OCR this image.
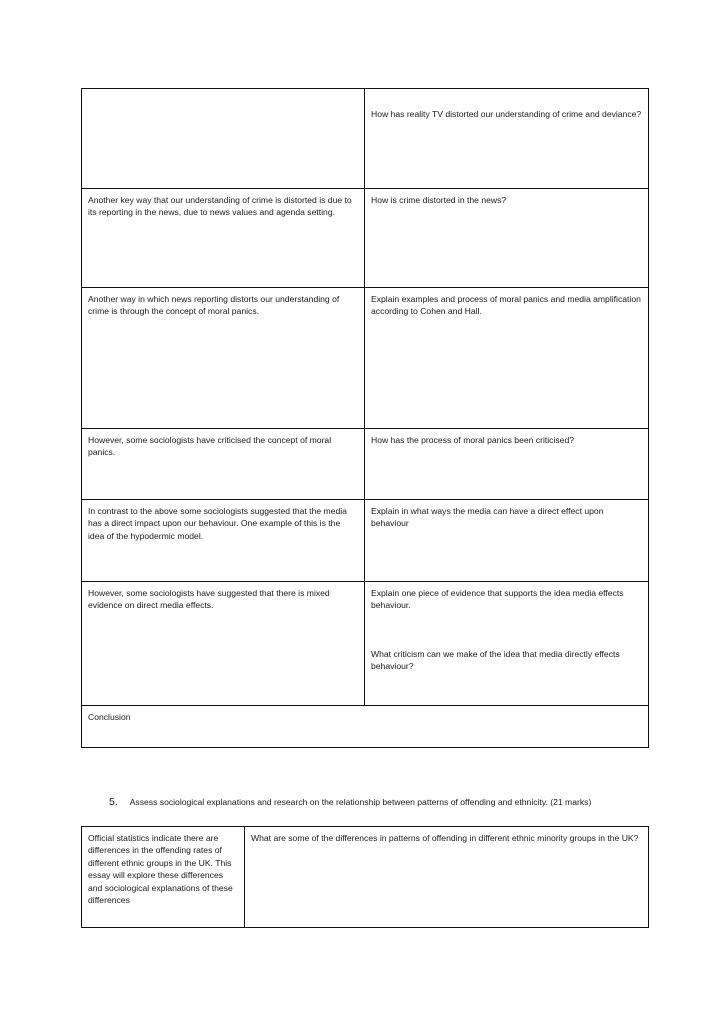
	How has reality TV distorted our understanding of crime and deviance?
Another key way that our understanding of crime is distorted is due to its reporting in the news, due to news values and agenda setting.	How is crime distorted in the news?
Another way in which news reporting distorts our understanding of crime is through the concept of moral panics.	Explain examples and process of moral panics and media amplification according to Cohen and Hall.
However, some sociologists have criticised the concept of moral panics.	How has the process of moral panics been criticised?
In contrast to the above some sociologists suggested that the media has a direct impact upon our behaviour. One example of this is the idea of the hypodermic model.	Explain in what ways the media can have a direct effect upon behaviour
However, some sociologists have suggested that there is mixed evidence on direct media effects.	Explain one piece of evidence that supports the idea media effects behaviour.
What criticism can we make of the idea that media directly effects behaviour?

Conclusion	
5. Assess sociological explanations and research on the relationship between patterns of offending and ethnicity. (21 marks)
Official statistics indicate there are differences in the offending rates of different ethnic groups in the UK. This essay will explore these differences and sociological explanations of these differences	What are some of the differences in patterns of offending in different ethnic minority groups in the UK?
